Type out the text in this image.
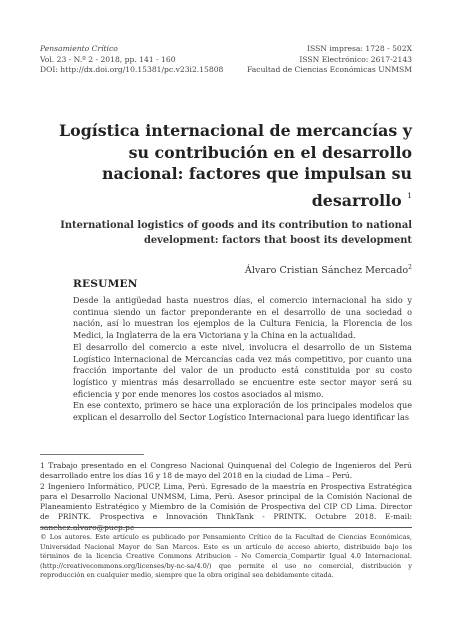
Pensamiento Crítico
Vol. 23 - N.º 2 - 2018, pp. 141 - 160
DOI: http://dx.doi.org/10.15381/pc.v23i2.15808
ISSN impresa: 1728 - 502X
ISSN Electrónico: 2617-2143
Facultad de Ciencias Económicas UNMSM
Logística internacional de mercancías y
su contribución en el desarrollo
nacional: factores que impulsan su
desarrollo $^1$
International logistics of goods and its contribution to national
development: factors that boost its development
Álvaro Cristian Sánchez Mercado$^2$
RESUMEN

Desde la antigüedad hasta nuestros días, el comercio internacional ha sido y continua siendo un factor preponderante en el desarrollo de una sociedad o nación, así lo muestran los ejemplos de la Cultura Fenicia, la Florencia de los Medici, la Inglaterra de la era Victoriana y la China en la actualidad.

El desarrollo del comercio a este nivel, involucra el desarrollo de un Sistema Logístico Internacional de Mercancías cada vez más competitivo, por cuanto una fracción importante del valor de un producto está constituida por su costo logístico y mientras más desarrollado se encuentre este sector mayor será su eficiencia y por ende menores los costos asociados al mismo.

En ese contexto, primero se hace una exploración de los principales modelos que explican el desarrollo del Sector Logístico Internacional para luego identificar las

1 Trabajo presentado en el Congreso Nacional Quinquenal del Colegio de Ingenieros del Perú desarrollado entre los días 16 y 18 de mayo del 2018 en la ciudad de Lima – Perú.

2 Ingeniero Informático, PUCP, Lima, Perú. Egresado de la maestría en Prospectiva Estratégica para el Desarrollo Nacional UNMSM, Lima, Perú. Asesor principal de la Comisión Nacional de Planeamiento Estratégico y Miembro de la Comisión de Prospectiva del CIP CD Lima. Director de PRINTK. Prospectiva e Innovación ThnkTank - PRINTK. Octubre 2018. E-mail: sanchez.alvaro@pucp.pe

© Los autores. Este artículo es publicado por Pensamiento Crítico de la Facultad de Ciencias Económicas, Universidad Nacional Mayor de San Marcos. Este es un artículo de acceso abierto, distribuido bajo los términos de la licencia Creative Commons Atribucion - No Comercia_Compartir Igual 4.0 Internacional. (http://creativecommons.org/licenses/by-nc-sa/4.0/) que permite el uso no comercial, distribución y reproducción en cualquier medio, siempre que la obra original sea debidamente citada.
